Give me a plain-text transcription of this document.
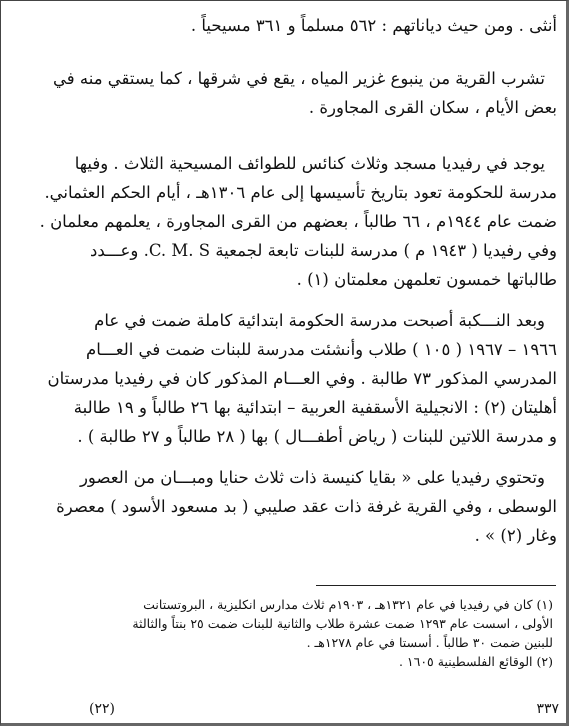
أنثى . ومن حيث دياناتهم : ٥٦٢ مسلماً و ٣٦١ مسيحياً .

تشرب القرية من ينبوع غزير المياه ، يقع في شرقها ، كما يستقي منه في
بعض الأيام ، سكان القرى المجاورة .

يوجد في رفيديا مسجد وثلاث كنائس للطوائف المسيحية الثلاث . وفيها
مدرسة للحكومة تعود بتاريخ تأسيسها إلى عام ١٣٠٦هـ ، أيام الحكم العثماني.
ضمت عام ١٩٤٤م ، ٦٦ طالباً ، بعضهم من القرى المجاورة ، يعلمهم معلمان .
وفي رفيديا ( ١٩٤٣ م ) مدرسة للبنات تابعة لجمعية C. M. S. وعـــدد
طالباتها خمسون تعلمهن معلمتان (١) .

وبعد النـــكبة أصبحت مدرسة الحكومة ابتدائية كاملة ضمت في عام
١٩٦٦ – ١٩٦٧ ( ١٠٥ ) طلاب وأنشئت مدرسة للبنات ضمت في العـــام
المدرسي المذكور ٧٣ طالبة . وفي العـــام المذكور كان في رفيديا مدرستان
أهليتان (٢) : الانجيلية الأسقفية العربية – ابتدائية بها ٢٦ طالباً و ١٩ طالبة
و مدرسة اللاتين للبنات ( رياض أطفـــال ) بها ( ٢٨ طالباً و ٢٧ طالبة ) .

وتحتوي رفيديا على « بقايا كنيسة ذات ثلاث حنايا ومبـــان من العصور
الوسطى ، وفي القرية غرفة ذات عقد صليبي ( بد مسعود الأسود ) معصرة
وغار (٢) » .

(١) كان في رفيديا في عام ١٣٢١هـ ، ١٩٠٣م ثلاث مدارس انكليزية ، البروتستانت
الأولى ، اسست عام ١٢٩٣ ضمت عشرة طلاب والثانية للبنات ضمت ٢٥ بنتاً والثالثة
للبنين ضمت ٣٠ طالباً . أسستا في عام ١٢٧٨هـ .
(٢) الوقائع الفلسطينية ١٦٠٥ .
٣٣٧
(٢٢)
